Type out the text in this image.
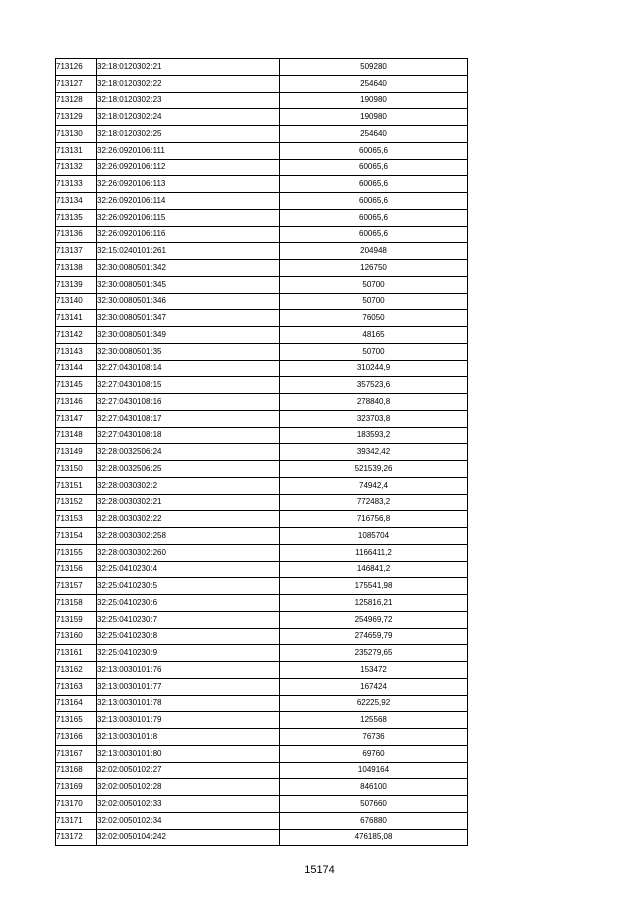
713126	32:18:0120302:21	509280
713127	32:18:0120302:22	254640
713128	32:18:0120302:23	190980
713129	32:18:0120302:24	190980
713130	32:18:0120302:25	254640
713131	32:26:0920106:111	60065,6
713132	32:26:0920106:112	60065,6
713133	32:26:0920106:113	60065,6
713134	32:26:0920106:114	60065,6
713135	32:26:0920106:115	60065,6
713136	32:26:0920106:116	60065,6
713137	32:15:0240101:261	204948
713138	32:30:0080501:342	126750
713139	32:30:0080501:345	50700
713140	32:30:0080501:346	50700
713141	32:30:0080501:347	76050
713142	32:30:0080501:349	48165
713143	32:30:0080501:35	50700
713144	32:27:0430108:14	310244,9
713145	32:27:0430108:15	357523,6
713146	32:27:0430108:16	278840,8
713147	32:27:0430108:17	323703,8
713148	32:27:0430108:18	183593,2
713149	32:28:0032506:24	39342,42
713150	32:28:0032506:25	521539,26
713151	32:28:0030302:2	74942,4
713152	32:28:0030302:21	772483,2
713153	32:28:0030302:22	716756,8
713154	32:28:0030302:258	1085704
713155	32:28:0030302:260	1166411,2
713156	32:25:0410230:4	146841,2
713157	32:25:0410230:5	175541,98
713158	32:25:0410230:6	125816,21
713159	32:25:0410230:7	254969,72
713160	32:25:0410230:8	274659,79
713161	32:25:0410230:9	235279,65
713162	32:13:0030101:76	153472
713163	32:13:0030101:77	167424
713164	32:13:0030101:78	62225,92
713165	32:13:0030101:79	125568
713166	32:13:0030101:8	76736
713167	32:13:0030101:80	69760
713168	32:02:0050102:27	1049164
713169	32:02:0050102:28	846100
713170	32:02:0050102:33	507660
713171	32:02:0050102:34	676880
713172	32:02:0050104:242	476185,08
15174
